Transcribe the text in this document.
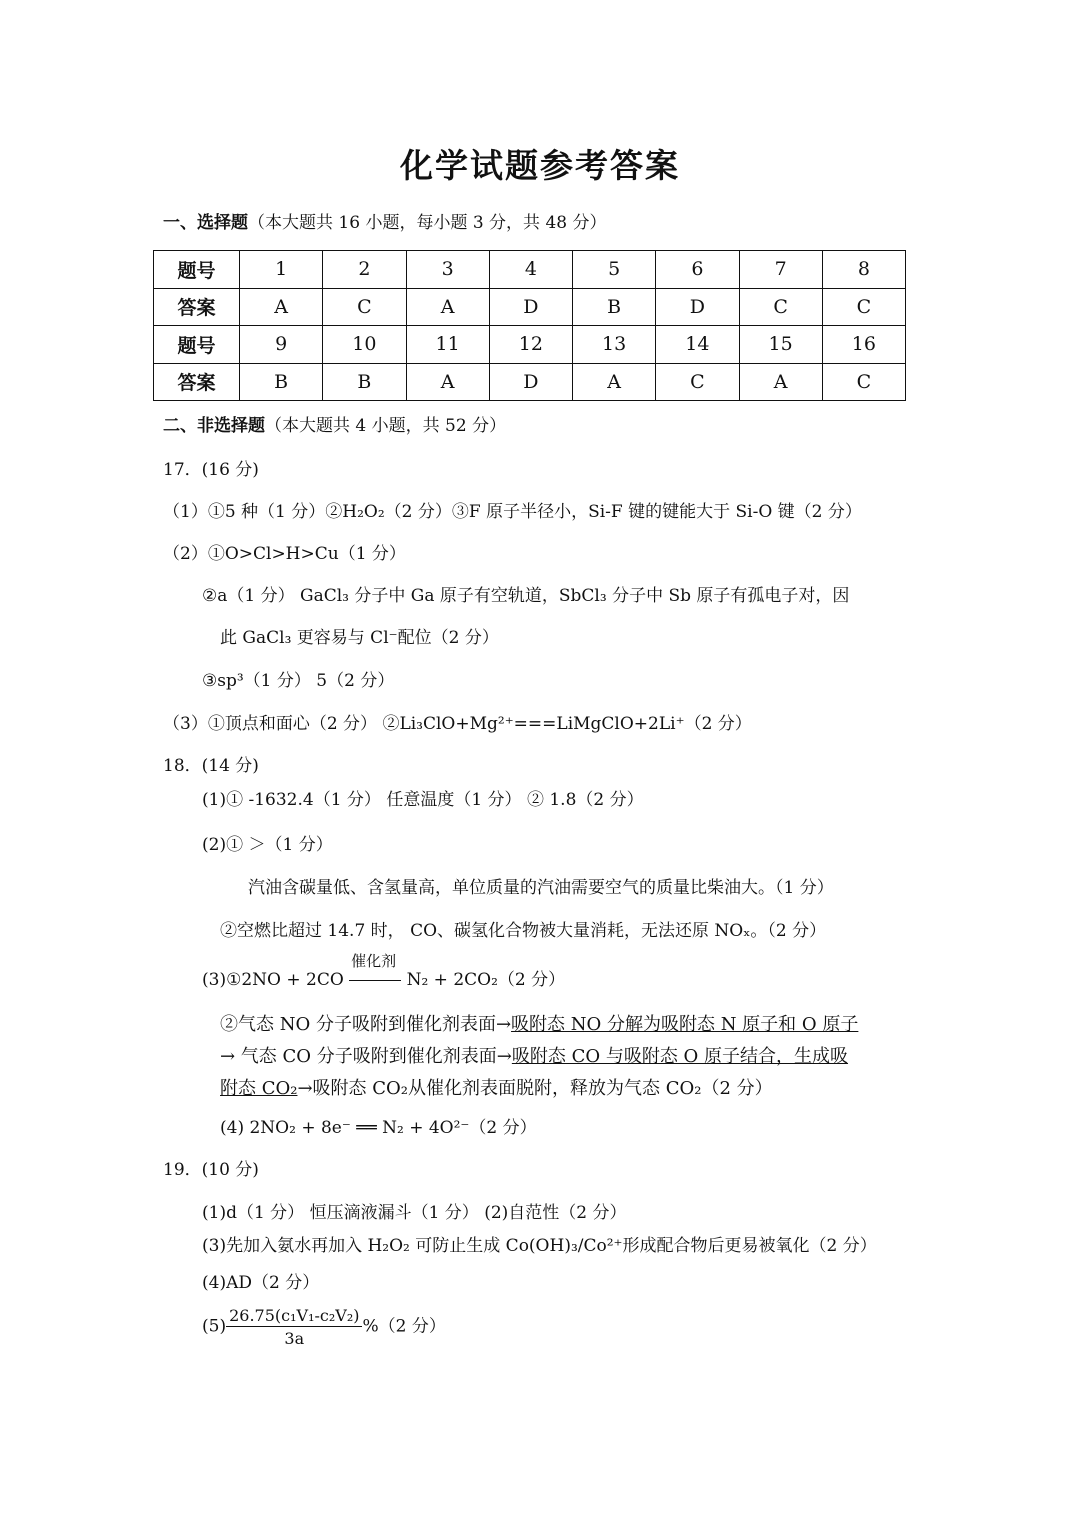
化学试题参考答案
一、选择题（本大题共 16 小题，每小题 3 分，共 48 分）
题号	1	2	3	4	5	6	7	8
答案	A	C	A	D	B	D	C	C
题号	9	10	11	12	13	14	15	16
答案	B	B	A	D	A	C	A	C
二、非选择题（本大题共 4 小题，共 52 分）
17．(16 分)
（1）①5 种（1 分）②H₂O₂（2 分）③F 原子半径小，Si-F 键的键能大于 Si-O 键（2 分）
（2）①O>Cl>H>Cu（1 分）
②a（1 分） GaCl₃ 分子中 Ga 原子有空轨道，SbCl₃ 分子中 Sb 原子有孤电子对，因
此 GaCl₃ 更容易与 Cl⁻配位（2 分）
③sp³（1 分） 5（2 分）
（3）①顶点和面心（2 分） ②Li₃ClO+Mg²⁺===LiMgClO+2Li⁺（2 分）
18．(14 分)
(1)① -1632.4（1 分） 任意温度（1 分） ② 1.8（2 分）
(2)① ＞（1 分）
汽油含碳量低、含氢量高，单位质量的汽油需要空气的质量比柴油大。（1 分）
②空燃比超过 14.7 时， CO、碳氢化合物被大量消耗，无法还原 NOₓ。（2 分）
(3)①2NO + 2CO
催化剂
N₂ + 2CO₂（2 分）
②气态 NO 分子吸附到催化剂表面→吸附态 NO 分解为吸附态 N 原子和 O 原子
→ 气态 CO 分子吸附到催化剂表面→吸附态 CO 与吸附态 O 原子结合，生成吸
附态 CO₂→吸附态 CO₂从催化剂表面脱附，释放为气态 CO₂（2 分）
(4) 2NO₂ + 8e⁻ ══ N₂ + 4O²⁻（2 分）
19．(10 分)
(1)d（1 分） 恒压滴液漏斗（1 分） (2)自范性（2 分）
(3)先加入氨水再加入 H₂O₂ 可防止生成 Co(OH)₃/Co²⁺形成配合物后更易被氧化（2 分）
(4)AD（2 分）
$(5) \frac{\text{26.75(c₁V₁-c₂V₂)}}{3a} \%(2$ 分）
